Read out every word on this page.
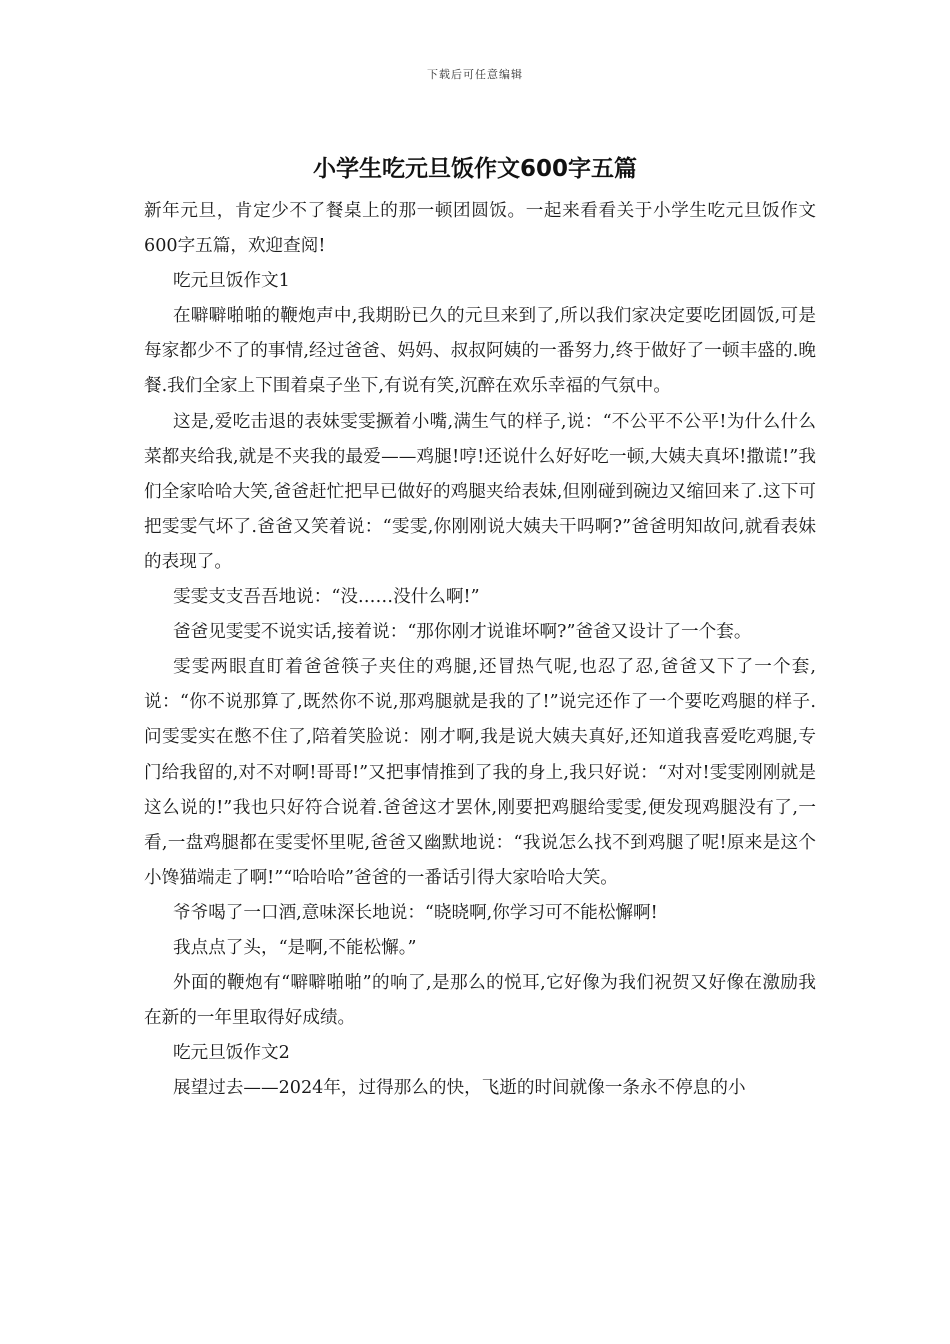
下载后可任意编辑
小学生吃元旦饭作文600字五篇

新年元旦，肯定少不了餐桌上的那一顿团圆饭。一起来看看关于小学生吃元旦饭作文600字五篇，欢迎查阅!

吃元旦饭作文1

在噼噼啪啪的鞭炮声中,我期盼已久的元旦来到了,所以我们家决定要吃团圆饭,可是每家都少不了的事情,经过爸爸、妈妈、叔叔阿姨的一番努力,终于做好了一顿丰盛的.晚餐.我们全家上下围着桌子坐下,有说有笑,沉醉在欢乐幸福的气氛中。

这是,爱吃击退的表妹雯雯撅着小嘴,满生气的样子,说：“不公平不公平!为什么什么菜都夹给我,就是不夹我的最爱——鸡腿!哼!还说什么好好吃一顿,大姨夫真坏!撒谎!”我们全家哈哈大笑,爸爸赶忙把早已做好的鸡腿夹给表妹,但刚碰到碗边又缩回来了.这下可把雯雯气坏了.爸爸又笑着说：“雯雯,你刚刚说大姨夫干吗啊?”爸爸明知故问,就看表妹的表现了。

雯雯支支吾吾地说：“没……没什么啊!”

爸爸见雯雯不说实话,接着说：“那你刚才说谁坏啊?”爸爸又设计了一个套。

雯雯两眼直盯着爸爸筷子夹住的鸡腿,还冒热气呢,也忍了忍,爸爸又下了一个套,说：“你不说那算了,既然你不说,那鸡腿就是我的了!”说完还作了一个要吃鸡腿的样子.问雯雯实在憋不住了,陪着笑脸说：刚才啊,我是说大姨夫真好,还知道我喜爱吃鸡腿,专门给我留的,对不对啊!哥哥!”又把事情推到了我的身上,我只好说：“对对!雯雯刚刚就是这么说的!”我也只好符合说着.爸爸这才罢休,刚要把鸡腿给雯雯,便发现鸡腿没有了,一看,一盘鸡腿都在雯雯怀里呢,爸爸又幽默地说：“我说怎么找不到鸡腿了呢!原来是这个小馋猫端走了啊!”“哈哈哈”爸爸的一番话引得大家哈哈大笑。

爷爷喝了一口酒,意味深长地说：“晓晓啊,你学习可不能松懈啊!

我点点了头，“是啊,不能松懈。”

外面的鞭炮有“噼噼啪啪”的响了,是那么的悦耳,它好像为我们祝贺又好像在激励我在新的一年里取得好成绩。

吃元旦饭作文2

展望过去——2024年，过得那么的快，飞逝的时间就像一条永不停息的小
